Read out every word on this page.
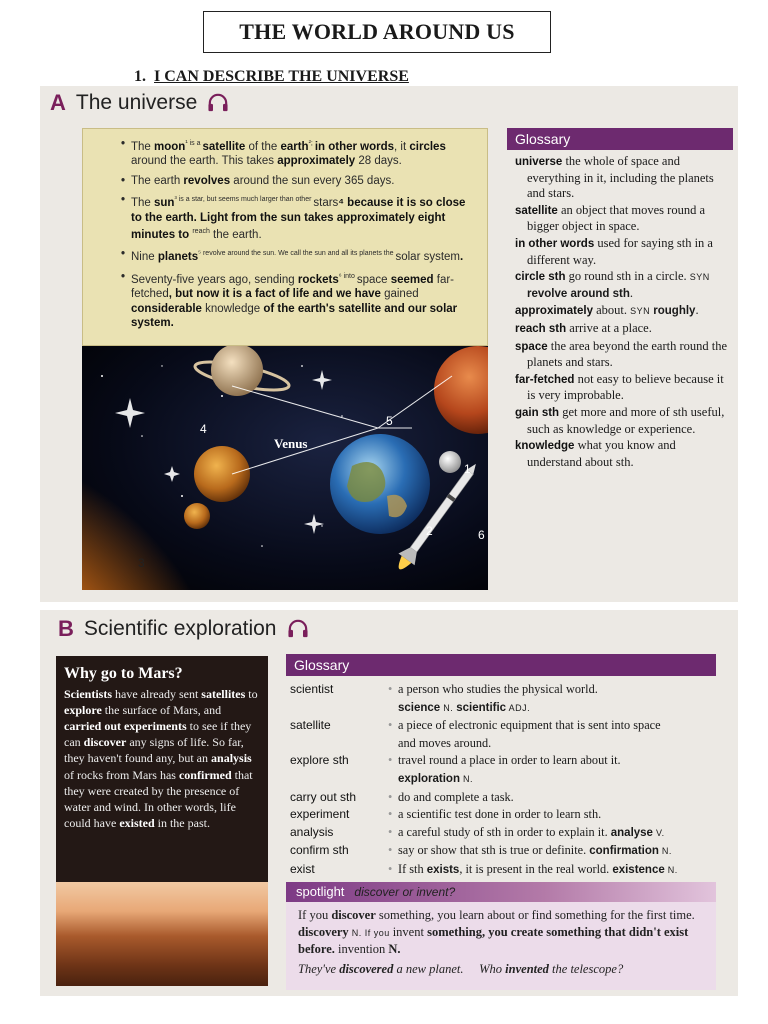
THE WORLD AROUND US
1. I CAN DESCRIBE THE UNIVERSE
A The universe
• The moon$^{^1 is a}$ satellite of the earth$^{^2;}$ in other words, it circles around the earth. This takes approximately 28 days.
• The earth revolves around the sun every 365 days.
• The sun$^{^3 is a star, but seems much larger than other}$ stars⁴ because it is so close to the earth. Light from the sun takes approximately eight minutes to $^{reach}$ the earth.
• Nine planets$^{^5 revolve around the sun. We call the sun and all its planets the}$ solar system.
• Seventy-five years ago, sending rockets$^{^6 into}$ space seemed far-fetched, but now it is a fact of life and we have gained considerable knowledge of the earth's satellite and our solar system.
Venus
1
2
3
4
5
6
Glossary
universe the whole of space and everything in it, including the planets and stars.
satellite an object that moves round a bigger object in space.
in other words used for saying sth in a different way.
circle sth go round sth in a circle. SYN revolve around sth.
approximately about. SYN roughly.
reach sth arrive at a place.
space the area beyond the earth round the planets and stars.
far-fetched not easy to believe because it is very improbable.
gain sth get more and more of sth useful, such as knowledge or experience.
knowledge what you know and understand about sth.
B Scientific exploration
Why go to Mars?
Scientists have already sent satellites to explore the surface of Mars, and carried out experiments to see if they can discover any signs of life. So far, they haven't found any, but an analysis of rocks from Mars has confirmed that they were created by the presence of water and wind. In other words, life could have existed in the past.
Glossary
scientist	• a person who studies the physical world.
science N. scientific ADJ.
satellite	• a piece of electronic equipment that is sent into space
and moves around.
explore sth	• travel round a place in order to learn about it.
exploration N.
carry out sth	• do and complete a task.
experiment	• a scientific test done in order to learn sth.
analysis	• a careful study of sth in order to explain it. analyse V.
confirm sth	• say or show that sth is true or definite. confirmation N.
exist	• If sth exists, it is present in the real world. existence N.
spotlight discover or invent?
If you discover something, you learn about or find something for the first time. discovery N. If you invent something, you create something that didn't exist before. invention N.
They've discovered a new planet. Who invented the telescope?
